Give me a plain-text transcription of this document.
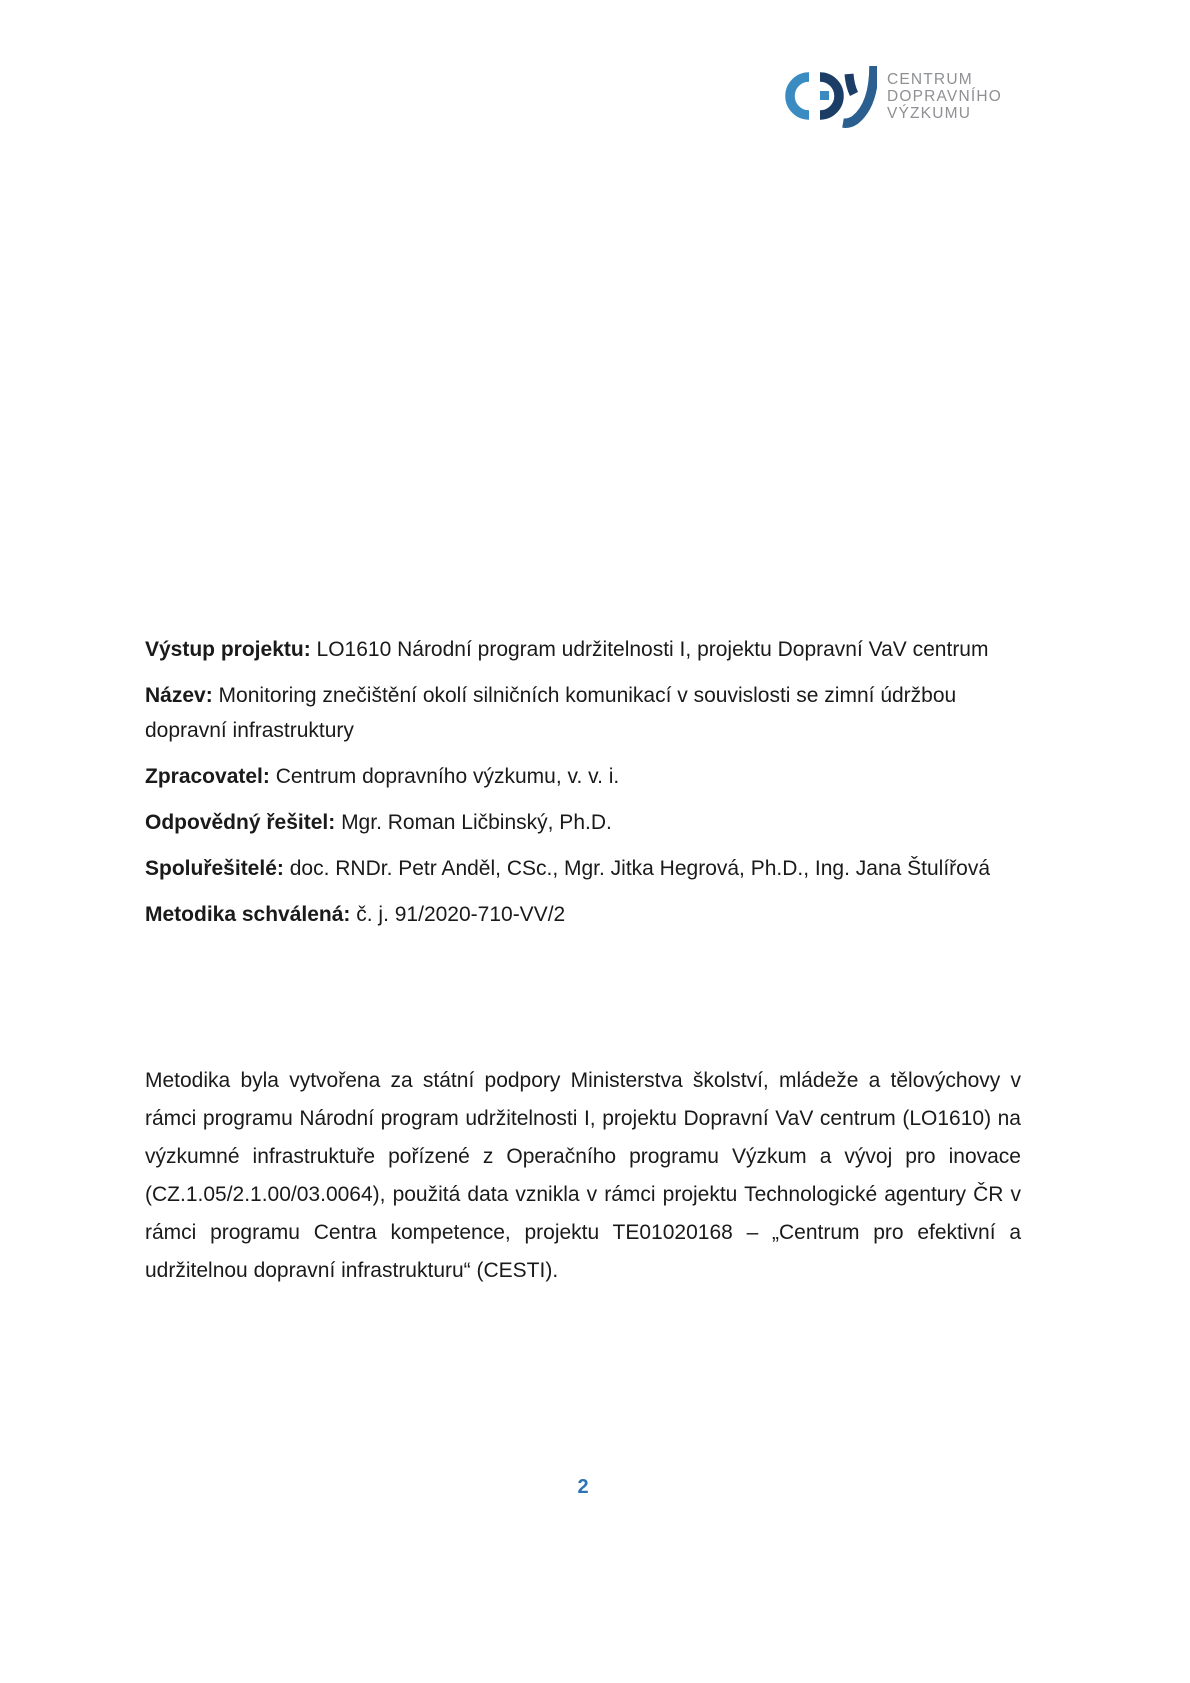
CENTRUM
DOPRAVNÍHO
VÝZKUMU

Výstup projektu: LO1610 Národní program udržitelnosti I, projektu Dopravní VaV centrum

Název: Monitoring znečištění okolí silničních komunikací v souvislosti se zimní údržbou dopravní infrastruktury

Zpracovatel: Centrum dopravního výzkumu, v. v. i.

Odpovědný řešitel: Mgr. Roman Ličbinský, Ph.D.

Spoluřešitelé: doc. RNDr. Petr Anděl, CSc., Mgr. Jitka Hegrová, Ph.D., Ing. Jana Štulířová

Metodika schválená: č. j. 91/2020-710-VV/2

Metodika byla vytvořena za státní podpory Ministerstva školství, mládeže a tělovýchovy v rámci programu Národní program udržitelnosti I, projektu Dopravní VaV centrum (LO1610) na výzkumné infrastruktuře pořízené z Operačního programu Výzkum a vývoj pro inovace (CZ.1.05/2.1.00/03.0064), použitá data vznikla v rámci projektu Technologické agentury ČR v rámci programu Centra kompetence, projektu TE01020168 – „Centrum pro efektivní a udržitelnou dopravní infrastrukturu“ (CESTI).

2
